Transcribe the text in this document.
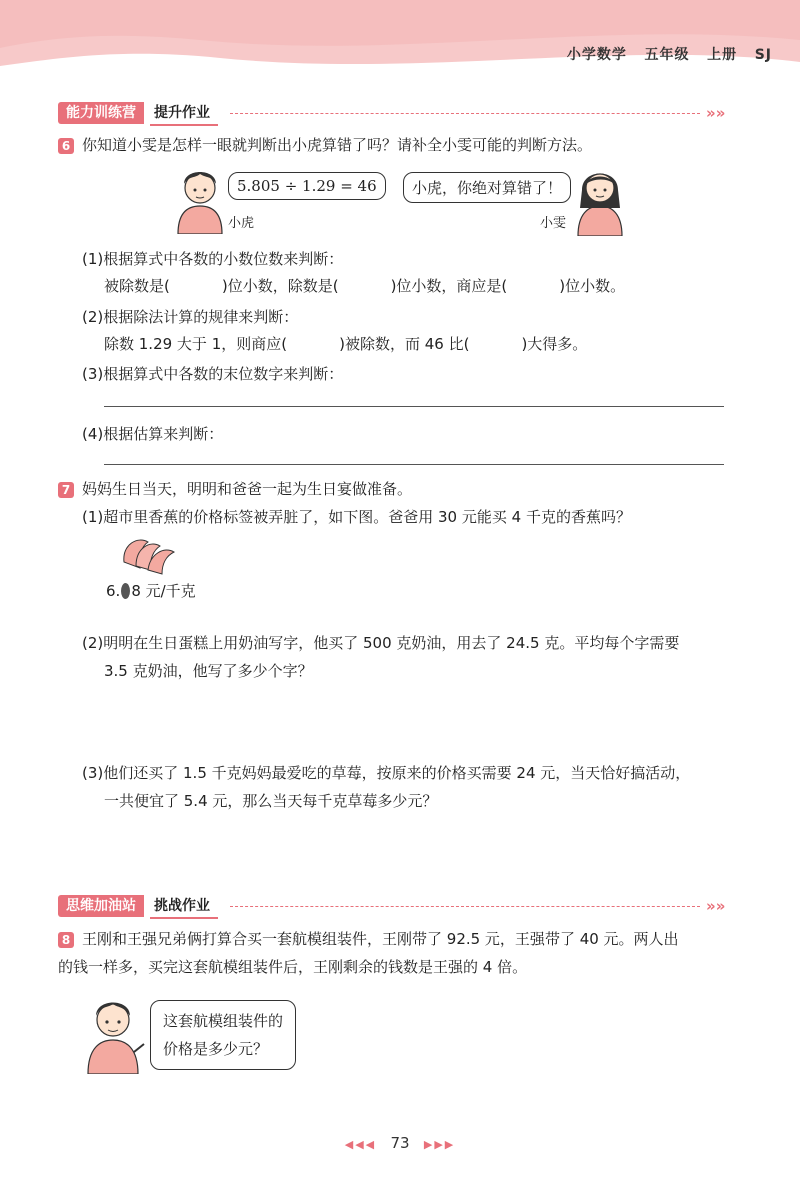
小学数学 五年级 上册 SJ
能力训练营	提升作业	»»
6 你知道小雯是怎样一眼就判断出小虎算错了吗？请补全小雯可能的判断方法。
5.805 ÷ 1.29 = 46
小虎
小虎，你绝对算错了！
小雯
(1)根据算式中各数的小数位数来判断：
被除数是(	)位小数，除数是(	)位小数，商应是(	)位小数。
(2)根据除法计算的规律来判断：
除数 1.29 大于 1，则商应(	)被除数，而 46 比(	)大得多。
(3)根据算式中各数的末位数字来判断：
(4)根据估算来判断：
7 妈妈生日当天，明明和爸爸一起为生日宴做准备。
(1)超市里香蕉的价格标签被弄脏了，如下图。爸爸用 30 元能买 4 千克的香蕉吗？
6. 8 元/千克
(2)明明在生日蛋糕上用奶油写字，他买了 500 克奶油，用去了 24.5 克。平均每个字需要
3.5 克奶油，他写了多少个字？
(3)他们还买了 1.5 千克妈妈最爱吃的草莓，按原来的价格买需要 24 元，当天恰好搞活动，
一共便宜了 5.4 元，那么当天每千克草莓多少元？
思维加油站	挑战作业	»»
8 王刚和王强兄弟俩打算合买一套航模组装件，王刚带了 92.5 元，王强带了 40 元。两人出
的钱一样多，买完这套航模组装件后，王刚剩余的钱数是王强的 4 倍。
这套航模组装件的
价格是多少元？
◀◀◀ 73 ▶▶▶
